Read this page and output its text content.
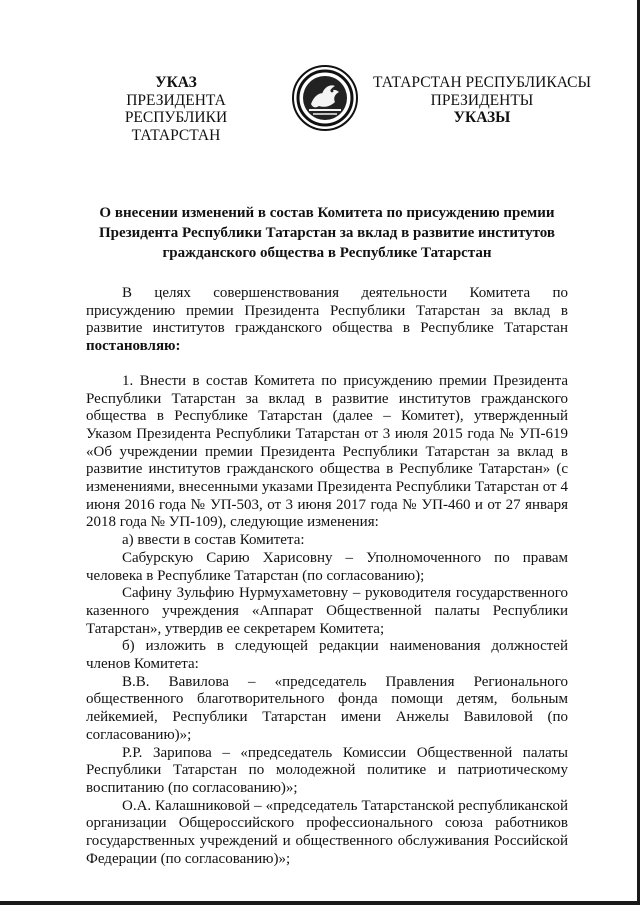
УКАЗ
ПРЕЗИДЕНТА
РЕСПУБЛИКИ ТАТАРСТАН
ТАТАРСТАН РЕСПУБЛИКАСЫ
ПРЕЗИДЕНТЫ
УКАЗЫ
О внесении изменений в состав Комитета по присуждению премии Президента Республики Татарстан за вклад в развитие институтов гражданского общества в Республике Татарстан

В целях совершенствования деятельности Комитета по присуждению премии Президента Республики Татарстан за вклад в развитие институтов гражданского общества в Республике Татарстан постановляю:

1. Внести в состав Комитета по присуждению премии Президента Республики Татарстан за вклад в развитие институтов гражданского общества в Республике Татарстан (далее – Комитет), утвержденный Указом Президента Республики Татарстан от 3 июля 2015 года № УП-619 «Об учреждении премии Президента Республики Татарстан за вклад в развитие институтов гражданского общества в Республике Татарстан» (с изменениями, внесенными указами Президента Республики Татарстан от 4 июня 2016 года № УП-503, от 3 июня 2017 года № УП-460 и от 27 января 2018 года № УП-109), следующие изменения:

а) ввести в состав Комитета:

Сабурскую Сарию Харисовну – Уполномоченного по правам человека в Республике Татарстан (по согласованию);

Сафину Зульфию Нурмухаметовну – руководителя государственного казенного учреждения «Аппарат Общественной палаты Республики Татарстан», утвердив ее секретарем Комитета;

б) изложить в следующей редакции наименования должностей членов Комитета:

В.В. Вавилова – «председатель Правления Регионального общественного благотворительного фонда помощи детям, больным лейкемией, Республики Татарстан имени Анжелы Вавиловой (по согласованию)»;

Р.Р. Зарипова – «председатель Комиссии Общественной палаты Республики Татарстан по молодежной политике и патриотическому воспитанию (по согласованию)»;

О.А. Калашниковой – «председатель Татарстанской республиканской организации Общероссийского профессионального союза работников государственных учреждений и общественного обслуживания Российской Федерации (по согласованию)»;
